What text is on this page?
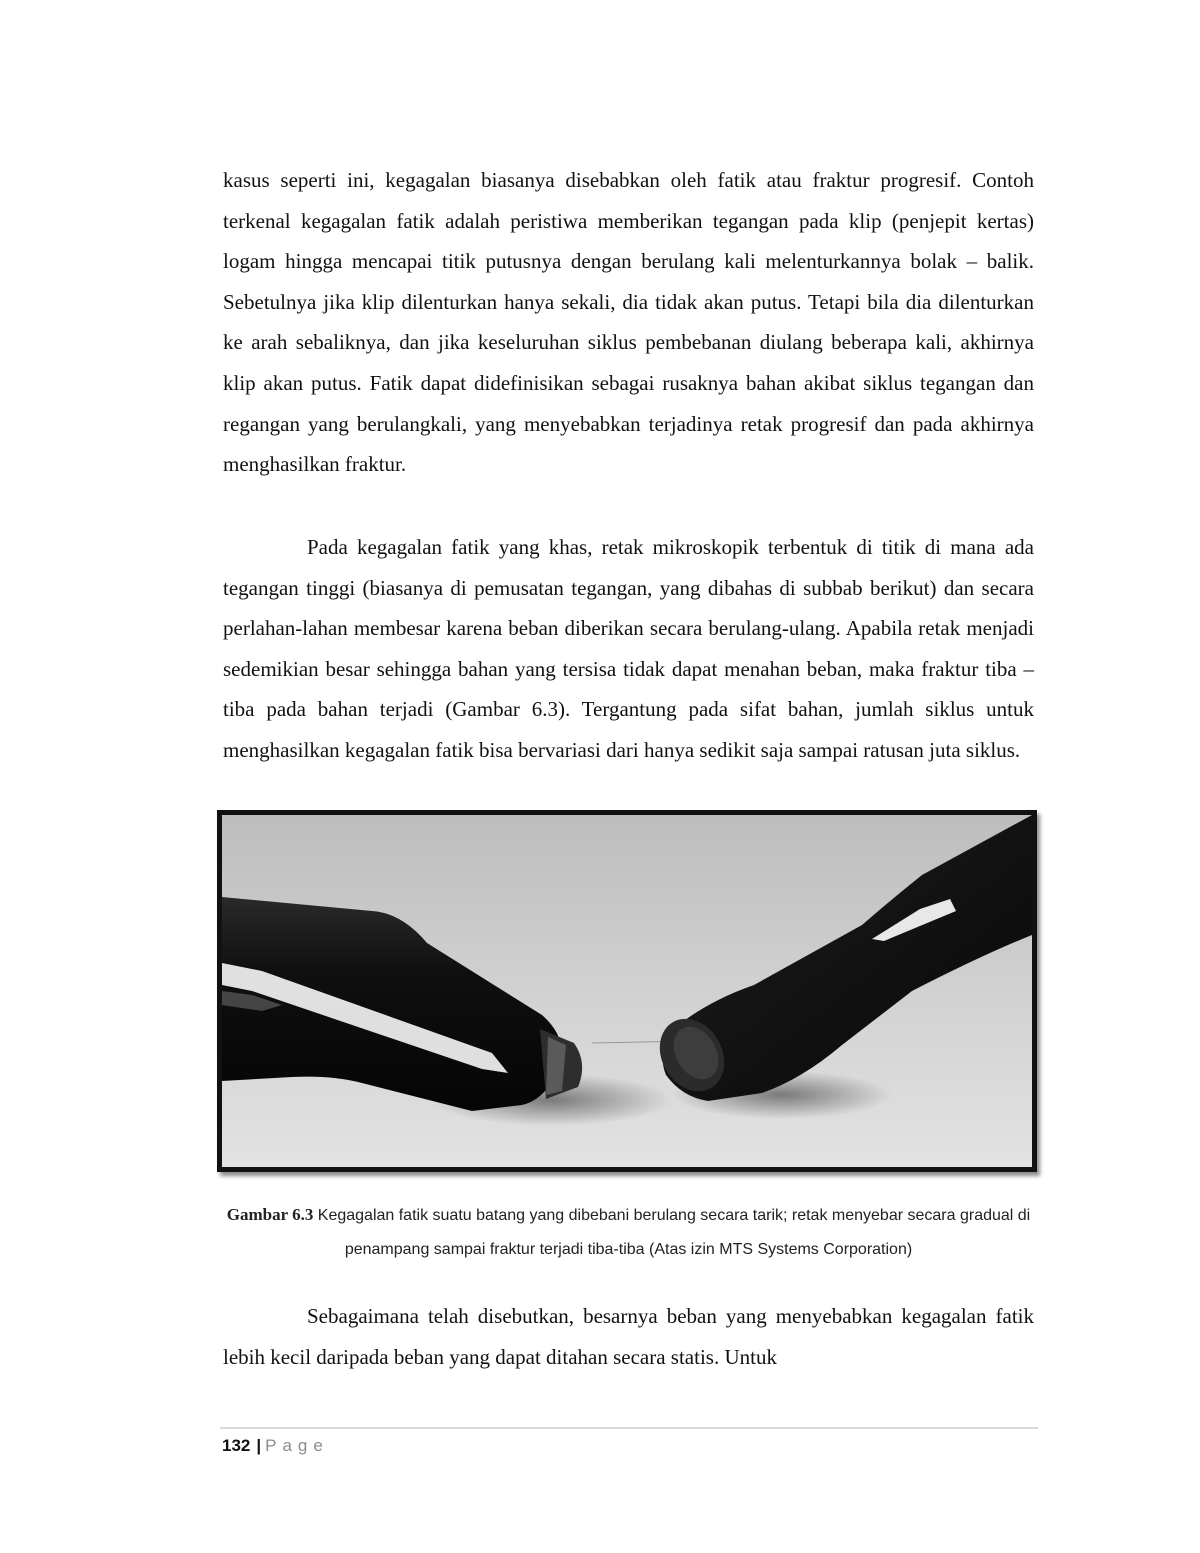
kasus seperti ini, kegagalan biasanya disebabkan oleh fatik atau fraktur progresif. Contoh terkenal kegagalan fatik adalah peristiwa memberikan tegangan pada klip (penjepit kertas) logam hingga mencapai titik putusnya dengan berulang kali melenturkannya bolak – balik. Sebetulnya jika klip dilenturkan hanya sekali, dia tidak akan putus. Tetapi bila dia dilenturkan ke arah sebaliknya, dan jika keseluruhan siklus pembebanan diulang beberapa kali, akhirnya klip akan putus. Fatik dapat didefinisikan sebagai rusaknya bahan akibat siklus tegangan dan regangan yang berulangkali, yang menyebabkan terjadinya retak progresif dan pada akhirnya menghasilkan fraktur.

Pada kegagalan fatik yang khas, retak mikroskopik terbentuk di titik di mana ada tegangan tinggi (biasanya di pemusatan tegangan, yang dibahas di subbab berikut) dan secara perlahan-lahan membesar karena beban diberikan secara berulang-ulang. Apabila retak menjadi sedemikian besar sehingga bahan yang tersisa tidak dapat menahan beban, maka fraktur tiba – tiba pada bahan terjadi (Gambar 6.3). Tergantung pada sifat bahan, jumlah siklus untuk menghasilkan kegagalan fatik bisa bervariasi dari hanya sedikit saja sampai ratusan juta siklus.

Gambar 6.3 Kegagalan fatik suatu batang yang dibebani berulang secara tarik; retak menyebar secara gradual di penampang sampai fraktur terjadi tiba-tiba (Atas izin MTS Systems Corporation)

Sebagaimana telah disebutkan, besarnya beban yang menyebabkan kegagalan fatik lebih kecil daripada beban yang dapat ditahan secara statis. Untuk

132 | Page
